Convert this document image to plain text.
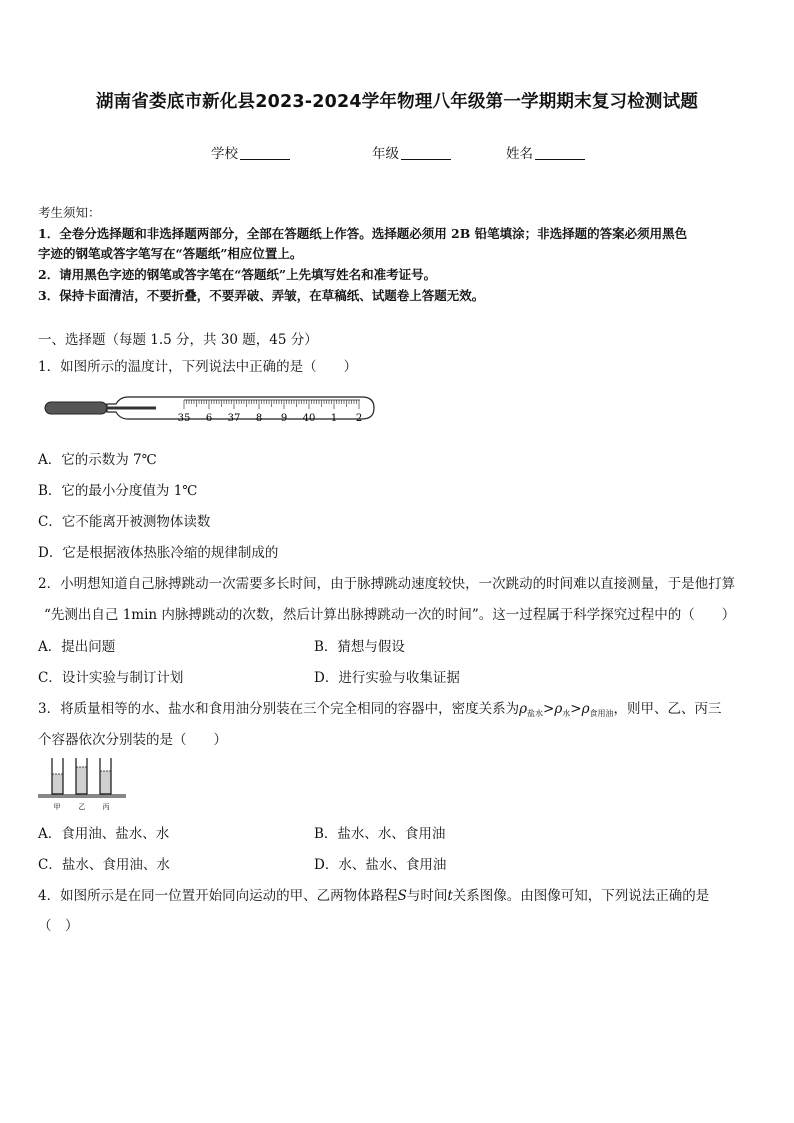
湖南省娄底市新化县2023-2024学年物理八年级第一学期期末复习检测试题
学校	年级	姓名
考生须知：
1．全卷分选择题和非选择题两部分，全部在答题纸上作答。选择题必须用 2B 铅笔填涂；非选择题的答案必须用黑色
字迹的钢笔或答字笔写在“答题纸”相应位置上。
2．请用黑色字迹的钢笔或答字笔在“答题纸”上先填写姓名和准考证号。
3．保持卡面清洁，不要折叠，不要弄破、弄皱，在草稿纸、试题卷上答题无效。
一、选择题（每题 1.5 分，共 30 题，45 分）
1．如图所示的温度计，下列说法中正确的是（　　）
35 6 37 8 9 40 1 2
A．它的示数为 7℃
B．它的最小分度值为 1℃
C．它不能离开被测物体读数
D．它是根据液体热胀冷缩的规律制成的
2．小明想知道自己脉搏跳动一次需要多长时间，由于脉搏跳动速度较快，一次跳动的时间难以直接测量，于是他打算
“先测出自己 1min 内脉搏跳动的次数，然后计算出脉搏跳动一次的时间”。这一过程属于科学探究过程中的（　　）
A．提出问题	B．猜想与假设
C．设计实验与制订计划	D．进行实验与收集证据
3．将质量相等的水、盐水和食用油分别装在三个完全相同的容器中，密度关系为$\rho_{盐水}>\rho_水>\rho_{食用油}$，则甲、乙、丙三
个容器依次分别装的是（　　）
甲	乙 丙
A．食用油、盐水、水	B．盐水、水、食用油
C．盐水、食用油、水	D．水、盐水、食用油
4．如图所示是在同一位置开始同向运动的甲、乙两物体路程S与时间t关系图像。由图像可知，下列说法正确的是
（　）
